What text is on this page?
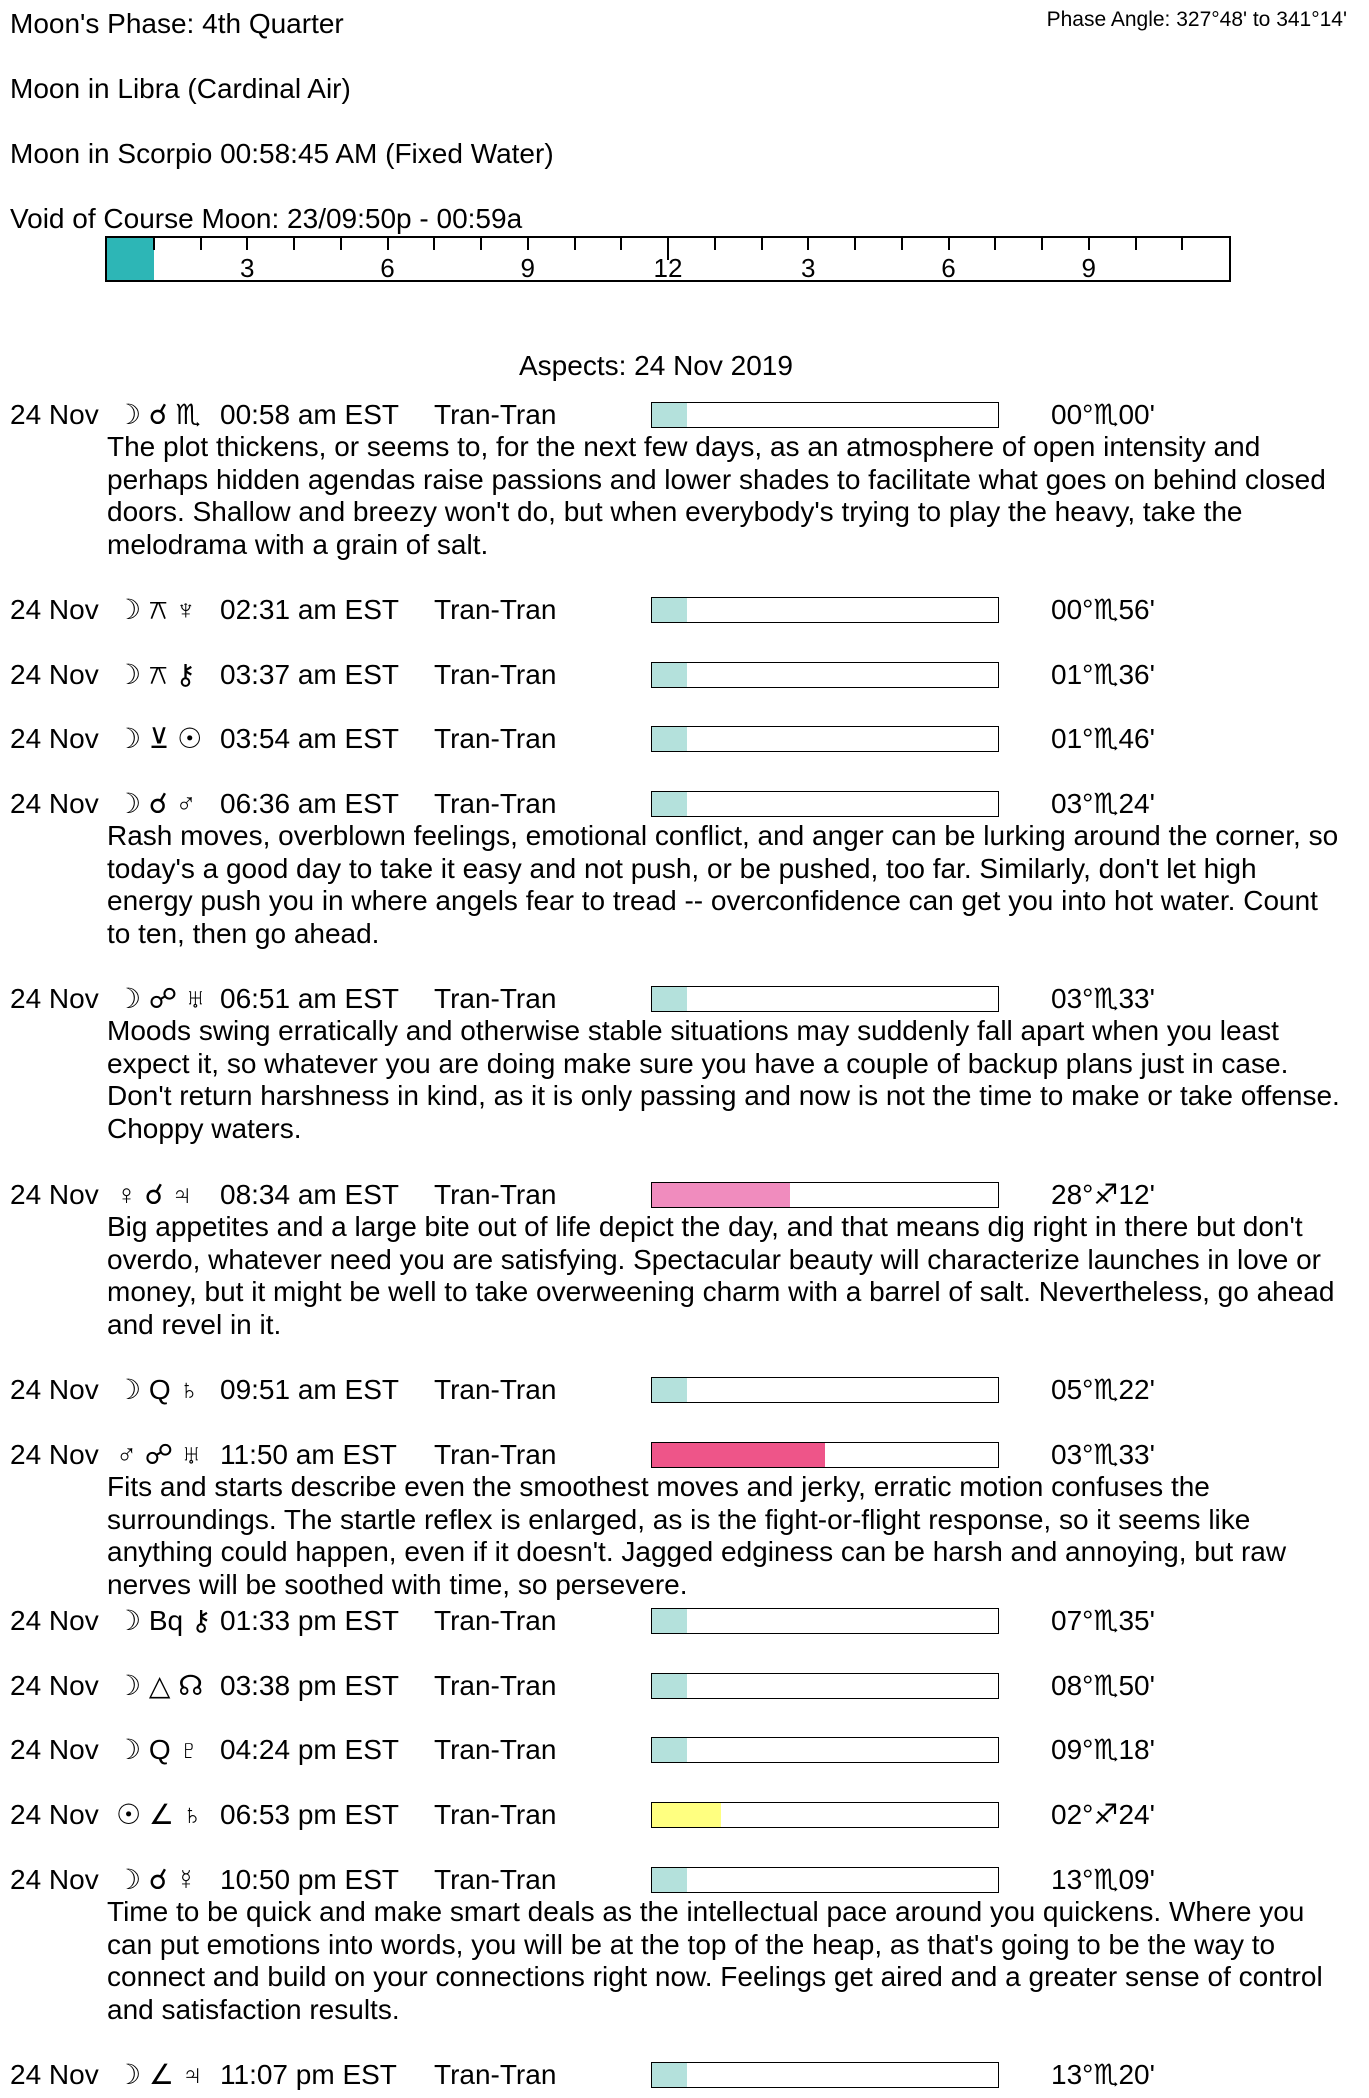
Moon's Phase: 4th Quarter	Phase Angle: 327°48' to 341°14'
Moon in Libra (Cardinal Air)
Moon in Scorpio 00:58:45 AM (Fixed Water)
Void of Course Moon: 23/09:50p - 00:59a
3	6	9	12	3	6	9
Aspects: 24 Nov 2019
24 Nov ☽ ☌ ♏ 00:58 am EST Tran-Tran	00°♏00'

The plot thickens, or seems to, for the next few days, as an atmosphere of open intensity and perhaps hidden agendas raise passions and lower shades to facilitate what goes on behind closed doors. Shallow and breezy won't do, but when everybody's trying to play the heavy, take the melodrama with a grain of salt.

24 Nov ☽ ⚻ ♆ 02:31 am EST Tran-Tran	00°♏56'
24 Nov ☽ ⚻ ⚷ 03:37 am EST Tran-Tran	01°♏36'
24 Nov ☽ ⊻ ☉ 03:54 am EST Tran-Tran	01°♏46'
24 Nov ☽ ☌ ♂ 06:36 am EST Tran-Tran	03°♏24'

Rash moves, overblown feelings, emotional conflict, and anger can be lurking around the corner, so today's a good day to take it easy and not push, or be pushed, too far. Similarly, don't let high energy push you in where angels fear to tread -- overconfidence can get you into hot water. Count to ten, then go ahead.

24 Nov ☽ ☍ ♅ 06:51 am EST Tran-Tran	03°♏33'

Moods swing erratically and otherwise stable situations may suddenly fall apart when you least expect it, so whatever you are doing make sure you have a couple of backup plans just in case. Don't return harshness in kind, as it is only passing and now is not the time to make or take offense. Choppy waters.

24 Nov ♀ ☌ ♃ 08:34 am EST Tran-Tran	28°♐12'

Big appetites and a large bite out of life depict the day, and that means dig right in there but don't overdo, whatever need you are satisfying. Spectacular beauty will characterize launches in love or money, but it might be well to take overweening charm with a barrel of salt. Nevertheless, go ahead and revel in it.

24 Nov ☽ Q ♄ 09:51 am EST Tran-Tran	05°♏22'
24 Nov ♂ ☍ ♅ 11:50 am EST Tran-Tran	03°♏33'

Fits and starts describe even the smoothest moves and jerky, erratic motion confuses the surroundings. The startle reflex is enlarged, as is the fight-or-flight response, so it seems like anything could happen, even if it doesn't. Jagged edginess can be harsh and annoying, but raw nerves will be soothed with time, so persevere.

24 Nov ☽ Bq ⚷ 01:33 pm EST Tran-Tran	07°♏35'
24 Nov ☽ △ ☊ 03:38 pm EST Tran-Tran	08°♏50'
24 Nov ☽ Q ♇ 04:24 pm EST Tran-Tran	09°♏18'
24 Nov ☉ ∠ ♄ 06:53 pm EST Tran-Tran	02°♐24'
24 Nov ☽ ☌ ☿ 10:50 pm EST Tran-Tran	13°♏09'

Time to be quick and make smart deals as the intellectual pace around you quickens. Where you can put emotions into words, you will be at the top of the heap, as that's going to be the way to connect and build on your connections right now. Feelings get aired and a greater sense of control and satisfaction results.

24 Nov ☽ ∠ ♃ 11:07 pm EST Tran-Tran	13°♏20'
